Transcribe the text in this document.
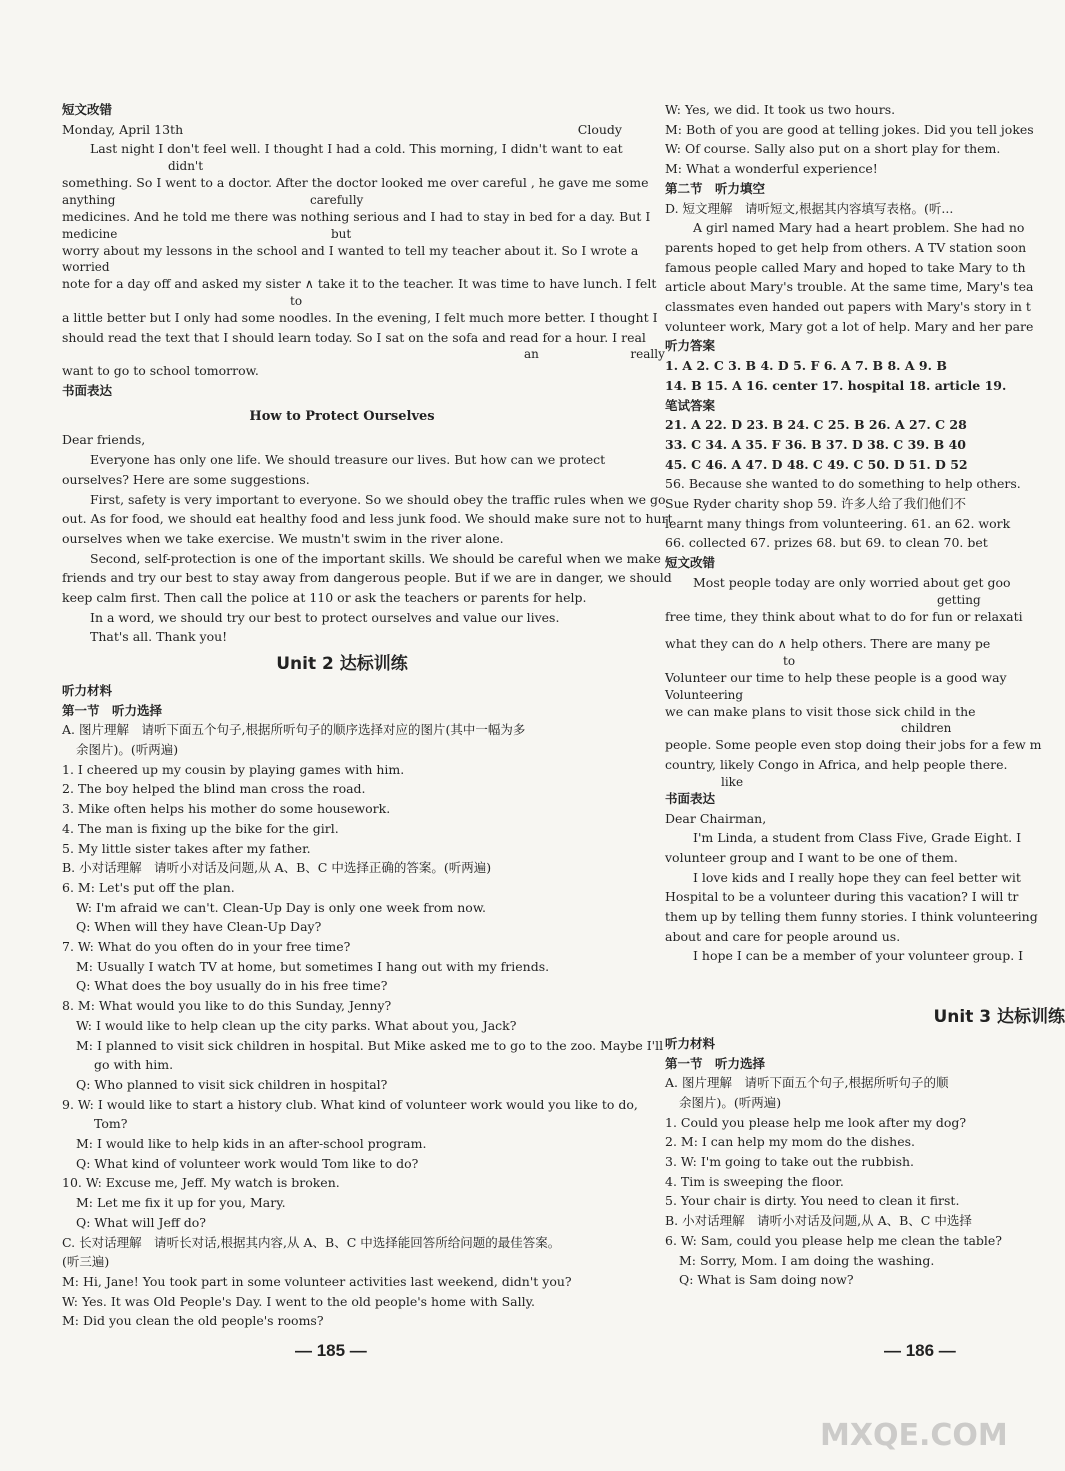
短文改错
Monday, April 13th	Cloudy
Last night I don't feel well. I thought I had a cold. This morning, I didn't want to eat
didn't
something. So I went to a doctor. After the doctor looked me over careful , he gave me some
anything                                                   carefully
medicines. And he told me there was nothing serious and I had to stay in bed for a day. But I
medicine                                                        but
worry about my lessons in the school and I wanted to tell my teacher about it. So I wrote a
worried
note for a day off and asked my sister ∧ take it to the teacher. It was time to have lunch. I felt
to
a little better but I only had some noodles. In the evening, I felt much more better. I thought I
should read the text that I should learn today. So I sat on the sofa and read for a hour. I real
an                        really
want to go to school tomorrow.
书面表达
How to Protect Ourselves
Dear friends,
Everyone has only one life. We should treasure our lives. But how can we protect
ourselves? Here are some suggestions.
First, safety is very important to everyone. So we should obey the traffic rules when we go
out. As for food, we should eat healthy food and less junk food. We should make sure not to hurt
ourselves when we take exercise. We mustn't swim in the river alone.
Second, self-protection is one of the important skills. We should be careful when we make
friends and try our best to stay away from dangerous people. But if we are in danger, we should
keep calm first. Then call the police at 110 or ask the teachers or parents for help.
In a word, we should try our best to protect ourselves and value our lives.
That's all. Thank you!
Unit 2 达标训练
听力材料
第一节　听力选择
A. 图片理解　请听下面五个句子,根据所听句子的顺序选择对应的图片(其中一幅为多
余图片)。(听两遍)
1. I cheered up my cousin by playing games with him.
2. The boy helped the blind man cross the road.
3. Mike often helps his mother do some housework.
4. The man is fixing up the bike for the girl.
5. My little sister takes after my father.
B. 小对话理解　请听小对话及问题,从 A、B、C 中选择正确的答案。(听两遍)
6. M: Let's put off the plan.
W: I'm afraid we can't. Clean-Up Day is only one week from now.
Q: When will they have Clean-Up Day?
7. W: What do you often do in your free time?
M: Usually I watch TV at home, but sometimes I hang out with my friends.
Q: What does the boy usually do in his free time?
8. M: What would you like to do this Sunday, Jenny?
W: I would like to help clean up the city parks. What about you, Jack?
M: I planned to visit sick children in hospital. But Mike asked me to go to the zoo. Maybe I'll
go with him.
Q: Who planned to visit sick children in hospital?
9. W: I would like to start a history club. What kind of volunteer work would you like to do,
Tom?
M: I would like to help kids in an after-school program.
Q: What kind of volunteer work would Tom like to do?
10. W: Excuse me, Jeff. My watch is broken.
M: Let me fix it up for you, Mary.
Q: What will Jeff do?
C. 长对话理解　请听长对话,根据其内容,从 A、B、C 中选择能回答所给问题的最佳答案。
(听三遍)
M: Hi, Jane! You took part in some volunteer activities last weekend, didn't you?
W: Yes. It was Old People's Day. I went to the old people's home with Sally.
M: Did you clean the old people's rooms?
— 185 —
W: Yes, we did. It took us two hours.
M: Both of you are good at telling jokes. Did you tell jokes
W: Of course. Sally also put on a short play for them.
M: What a wonderful experience!
第二节　听力填空
D. 短文理解　请听短文,根据其内容填写表格。(听...
A girl named Mary had a heart problem. She had no
parents hoped to get help from others. A TV station soon
famous people called Mary and hoped to take Mary to th
article about Mary's trouble. At the same time, Mary's tea
classmates even handed out papers with Mary's story in t
volunteer work, Mary got a lot of help. Mary and her pare
听力答案
1. A 2. C 3. B 4. D 5. F 6. A 7. B 8. A 9. B
14. B 15. A 16. center 17. hospital 18. article 19.
笔试答案
21. A 22. D 23. B 24. C 25. B 26. A 27. C 28
33. C 34. A 35. F 36. B 37. D 38. C 39. B 40
45. C 46. A 47. D 48. C 49. C 50. D 51. D 52
56. Because she wanted to do something to help others.
Sue Ryder charity shop 59. 许多人给了我们他们不
learnt many things from volunteering. 61. an 62. work
66. collected 67. prizes 68. but 69. to clean 70. bet
短文改错
Most people today are only worried about get goo
getting
free time, they think about what to do for fun or relaxati
what they can do ∧ help others. There are many pe
to
Volunteer our time to help these people is a good way
Volunteering
we can make plans to visit those sick child in the
children
people. Some people even stop doing their jobs for a few m
country, likely Congo in Africa, and help people there.
like
书面表达
Dear Chairman,
I'm Linda, a student from Class Five, Grade Eight. I
volunteer group and I want to be one of them.
I love kids and I really hope they can feel better wit
Hospital to be a volunteer during this vacation? I will tr
them up by telling them funny stories. I think volunteering
about and care for people around us.
I hope I can be a member of your volunteer group. I
Unit 3 达标训练
听力材料
第一节　听力选择
A. 图片理解　请听下面五个句子,根据所听句子的顺
余图片)。(听两遍)
1. Could you please help me look after my dog?
2. M: I can help my mom do the dishes.
3. W: I'm going to take out the rubbish.
4. Tim is sweeping the floor.
5. Your chair is dirty. You need to clean it first.
B. 小对话理解　请听小对话及问题,从 A、B、C 中选择
6. W: Sam, could you please help me clean the table?
M: Sorry, Mom. I am doing the washing.
Q: What is Sam doing now?
— 186 —
MXQE.COM
